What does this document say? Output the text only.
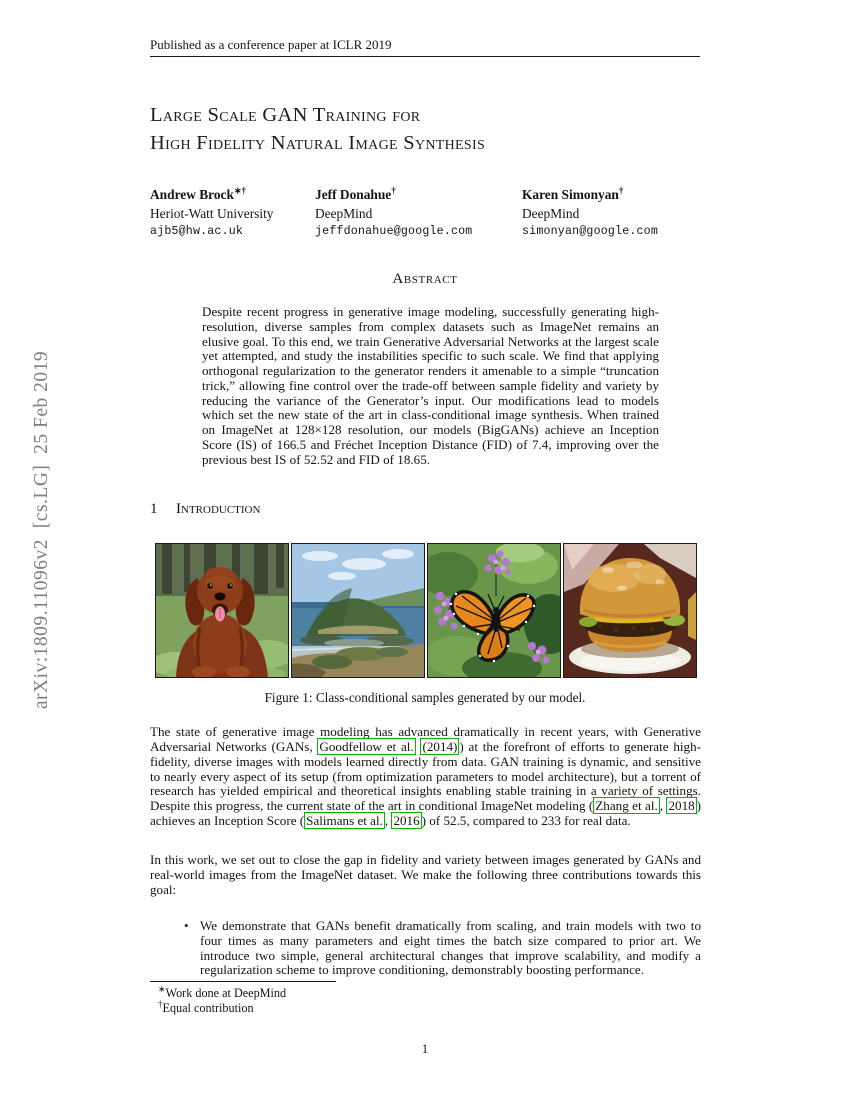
arXiv:1809.11096v2  [cs.LG]  25 Feb 2019
Published as a conference paper at ICLR 2019
Large Scale GAN Training for
High Fidelity Natural Image Synthesis
Andrew Brock∗†
Heriot-Watt University
ajb5@hw.ac.uk
Jeff Donahue†
DeepMind
jeffdonahue@google.com
Karen Simonyan†
DeepMind
simonyan@google.com
Abstract
Despite recent progress in generative image modeling, successfully generating high-resolution, diverse samples from complex datasets such as ImageNet remains an elusive goal. To this end, we train Generative Adversarial Networks at the largest scale yet attempted, and study the instabilities specific to such scale. We find that applying orthogonal regularization to the generator renders it amenable to a simple “truncation trick,” allowing fine control over the trade-off between sample fidelity and variety by reducing the variance of the Generator’s input. Our modifications lead to models which set the new state of the art in class-conditional image synthesis. When trained on ImageNet at 128×128 resolution, our models (BigGANs) achieve an Inception Score (IS) of 166.5 and Fréchet Inception Distance (FID) of 7.4, improving over the previous best IS of 52.52 and FID of 18.65.
1 Introduction
Figure 1: Class-conditional samples generated by our model.
The state of generative image modeling has advanced dramatically in recent years, with Generative Adversarial Networks (GANs, Goodfellow et al. (2014) ) at the forefront of efforts to generate high-fidelity, diverse images with models learned directly from data. GAN training is dynamic, and sensitive to nearly every aspect of its setup (from optimization parameters to model architecture), but a torrent of research has yielded empirical and theoretical insights enabling stable training in a variety of settings. Despite this progress, the current state of the art in conditional ImageNet modeling ( Zhang et al. , 2018 ) achieves an Inception Score ( Salimans et al. , 2016 ) of 52.5, compared to 233 for real data.
In this work, we set out to close the gap in fidelity and variety between images generated by GANs and real-world images from the ImageNet dataset. We make the following three contributions towards this goal:
• We demonstrate that GANs benefit dramatically from scaling, and train models with two to four times as many parameters and eight times the batch size compared to prior art. We introduce two simple, general architectural changes that improve scalability, and modify a regularization scheme to improve conditioning, demonstrably boosting performance.
∗Work done at DeepMind
†Equal contribution
1
